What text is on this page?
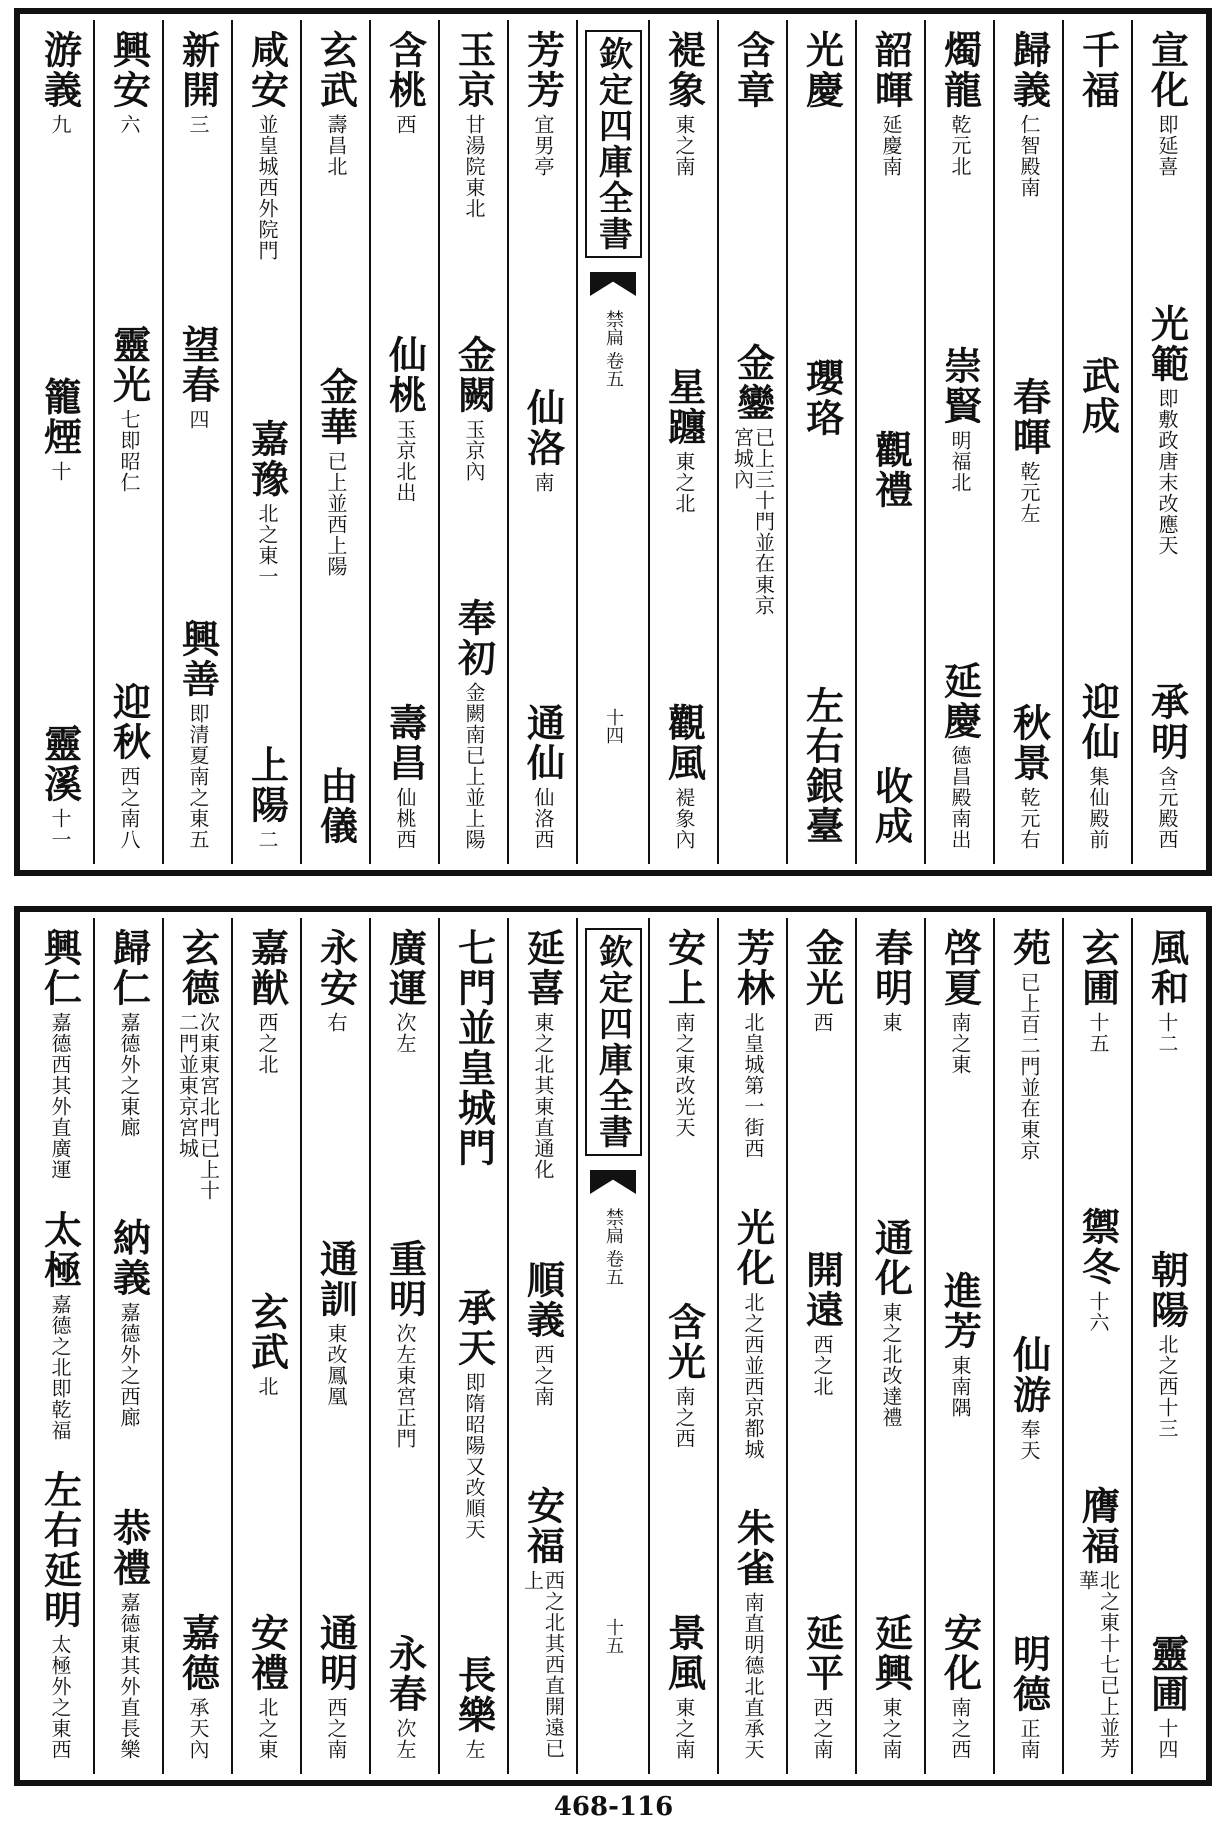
宣化
即延喜
光範
即敷政唐末改應天
承明
含元殿西
千福
武成
迎仙
集仙殿前
歸義
仁智殿南
春暉
乾元左
秋景
乾元右
燭龍
乾元北
崇賢
明福北
延慶
德昌殿南出
韶暉
延慶南
觀禮
收成
光慶
瓔珞
左右銀臺
含章
金鑾
已上三十門並在東京宮城內
褆象
東之南
星躔
東之北
觀風
褆象內
欽定四庫全書
禁扁 卷五
十四
芳芳
宜男亭
仙洛
南
通仙
仙洛西
玉京
甘湯院東北
金闕
玉京內
奉初
金闕南已上並上陽
含桃
西
仙桃
玉京北出
壽昌
仙桃西
玄武
壽昌北
金華
已上並西上陽
由儀
咸安
並皇城西外院門
嘉豫
北之東一
上陽
二
新開
三
望春
四
興善
即清夏南之東五
興安
六
靈光
七即昭仁
迎秋
西之南八
游義
九
籠煙
十
靈溪
十一
風和
十二
朝陽
北之西十三
靈圃
十四
玄圃
十五
禦冬
十六
膺福
北之東十七已上並芳華
苑
已上百二門並在東京
仙游
奉天
明德
正南
啓夏
南之東
進芳
東南隅
安化
南之西
春明
東
通化
東之北改達禮
延興
東之南
金光
西
開遠
西之北
延平
西之南
芳林
北皇城第一街西
光化
北之西並西京都城
朱雀
南直明德北直承天
安上
南之東改光天
含光
南之西
景風
東之南
欽定四庫全書
禁扁 卷五
十五
延喜
東之北其東直通化
順義
西之南
安福
西之北其西直開遠已上
七門並皇城門
承天
即隋昭陽又改順天
長樂
左
廣運
次左
重明
次左東宮正門
永春
次左
永安
右
通訓
東改鳳凰
通明
西之南
嘉猷
西之北
玄武
北
安禮
北之東
玄德
次東東宮北門已上十二門並東京宮城
嘉德
承天內
歸仁
嘉德外之東廊
納義
嘉德外之西廊
恭禮
嘉德東其外直長樂
興仁
嘉德西其外直廣運
太極
嘉德之北即乾福
左右延明
太極外之東西
468-116
